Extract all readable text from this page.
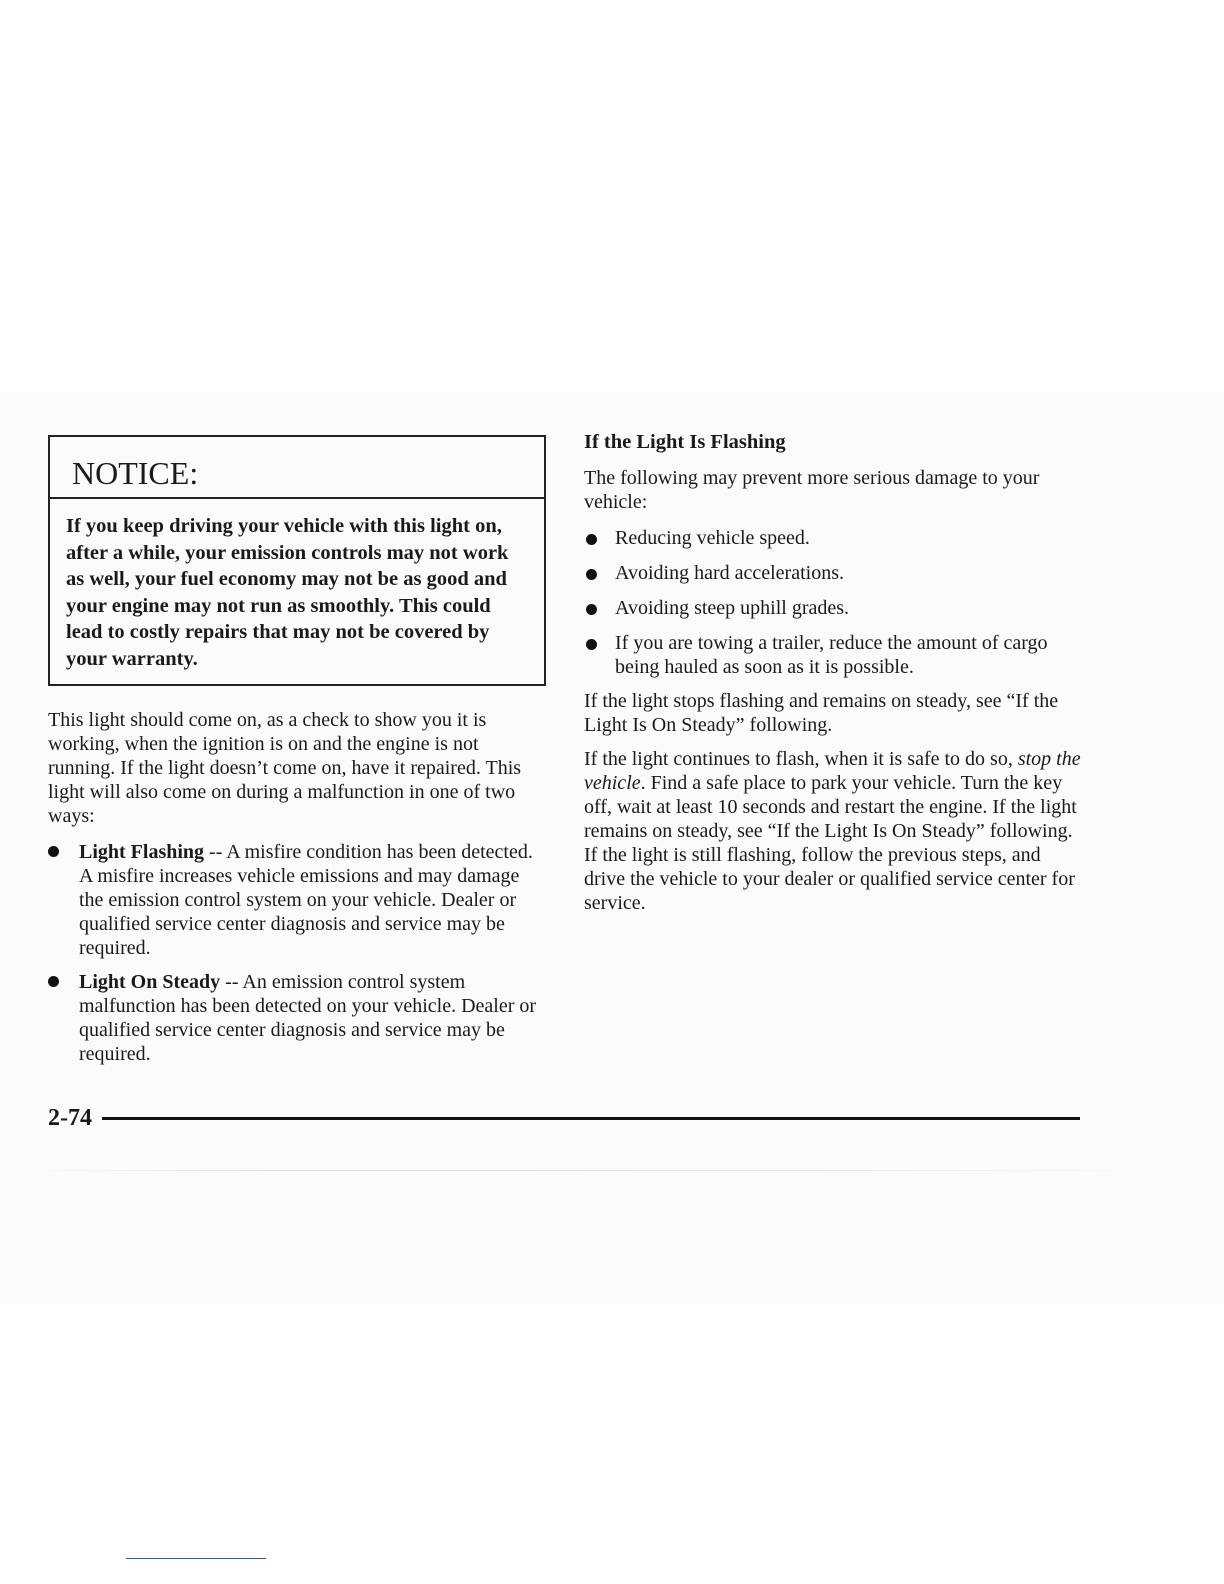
NOTICE:
If you keep driving your vehicle with this light on, after a while, your emission controls may not work as well, your fuel economy may not be as good and your engine may not run as smoothly. This could lead to costly repairs that may not be covered by your warranty.

This light should come on, as a check to show you it is working, when the ignition is on and the engine is not running. If the light doesn’t come on, have it repaired. This light will also come on during a malfunction in one of two ways:

Light Flashing -- A misfire condition has been detected. A misfire increases vehicle emissions and may damage the emission control system on your vehicle. Dealer or qualified service center diagnosis and service may be required.
Light On Steady -- An emission control system malfunction has been detected on your vehicle. Dealer or qualified service center diagnosis and service may be required.
If the Light Is Flashing

The following may prevent more serious damage to your vehicle:

Reducing vehicle speed.
Avoiding hard accelerations.
Avoiding steep uphill grades.
If you are towing a trailer, reduce the amount of cargo being hauled as soon as it is possible.

If the light stops flashing and remains on steady, see “If the Light Is On Steady” following.

If the light continues to flash, when it is safe to do so, stop the vehicle. Find a safe place to park your vehicle. Turn the key off, wait at least 10 seconds and restart the engine. If the light remains on steady, see “If the Light Is On Steady” following. If the light is still flashing, follow the previous steps, and drive the vehicle to your dealer or qualified service center for service.

2-74
